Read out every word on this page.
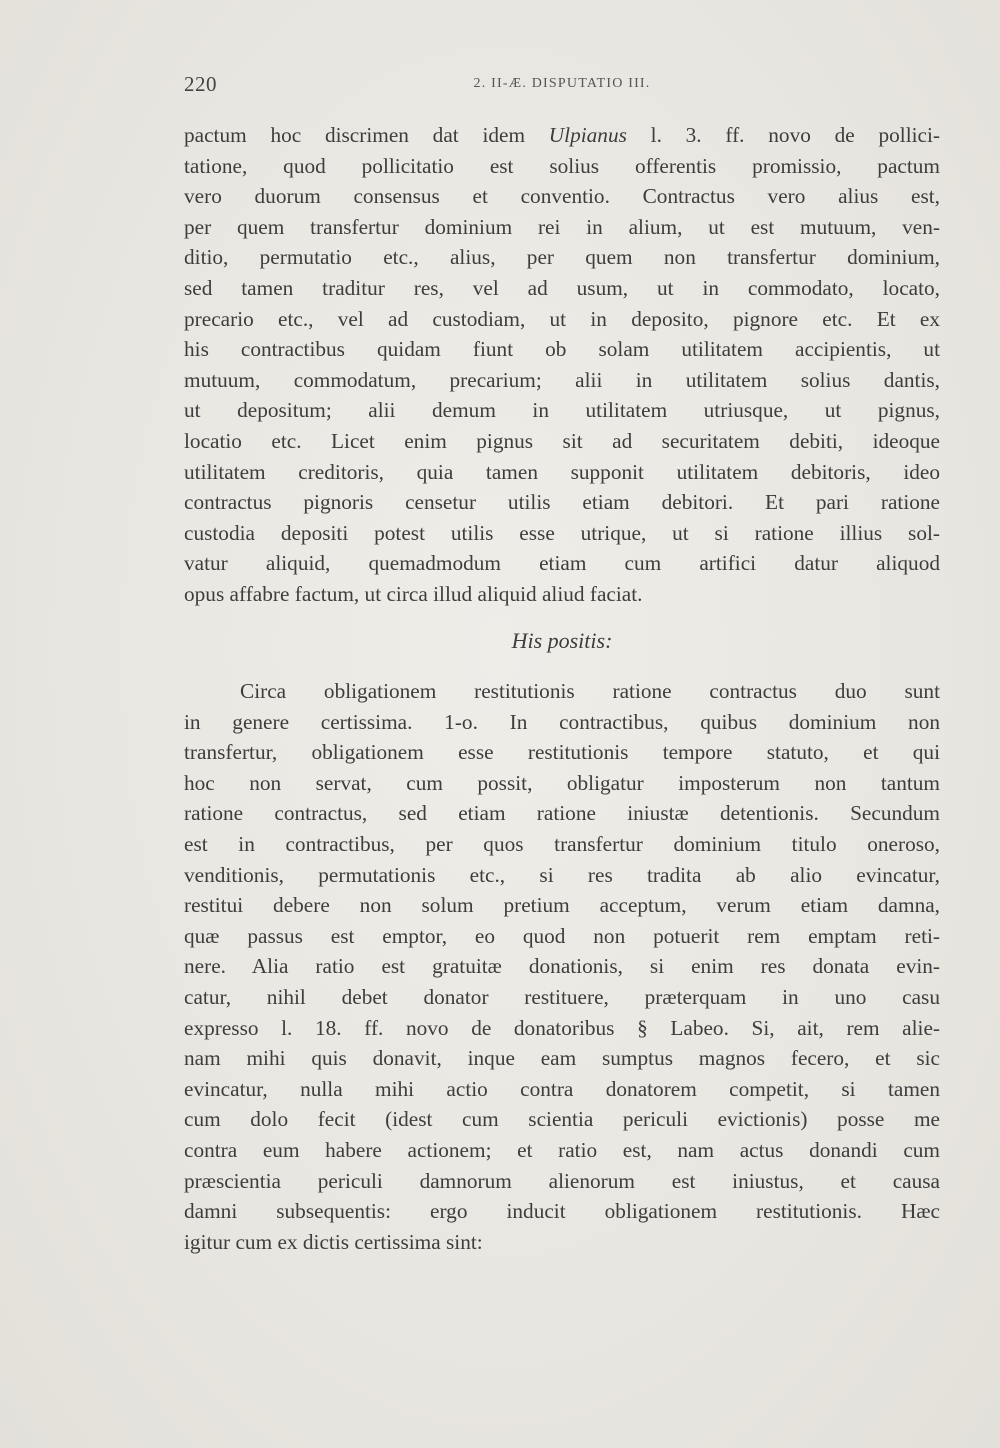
220	2. II-Æ. DISPUTATIO III.
pactum hoc discrimen dat idem Ulpianus l. 3. ff. novo de pollici-
tatione, quod pollicitatio est solius offerentis promissio, pactum
vero duorum consensus et conventio. Contractus vero alius est,
per quem transfertur dominium rei in alium, ut est mutuum, ven-
ditio, permutatio etc., alius, per quem non transfertur dominium,
sed tamen traditur res, vel ad usum, ut in commodato, locato,
precario etc., vel ad custodiam, ut in deposito, pignore etc. Et ex
his contractibus quidam fiunt ob solam utilitatem accipientis, ut
mutuum, commodatum, precarium; alii in utilitatem solius dantis,
ut depositum; alii demum in utilitatem utriusque, ut pignus,
locatio etc. Licet enim pignus sit ad securitatem debiti, ideoque
utilitatem creditoris, quia tamen supponit utilitatem debitoris, ideo
contractus pignoris censetur utilis etiam debitori. Et pari ratione
custodia depositi potest utilis esse utrique, ut si ratione illius sol-
vatur aliquid, quemadmodum etiam cum artifici datur aliquod
opus affabre factum, ut circa illud aliquid aliud faciat.
His positis:
Circa obligationem restitutionis ratione contractus duo sunt
in genere certissima. 1-o. In contractibus, quibus dominium non
transfertur, obligationem esse restitutionis tempore statuto, et qui
hoc non servat, cum possit, obligatur imposterum non tantum
ratione contractus, sed etiam ratione iniustæ detentionis. Secundum
est in contractibus, per quos transfertur dominium titulo oneroso,
venditionis, permutationis etc., si res tradita ab alio evincatur,
restitui debere non solum pretium acceptum, verum etiam damna,
quæ passus est emptor, eo quod non potuerit rem emptam reti-
nere. Alia ratio est gratuitæ donationis, si enim res donata evin-
catur, nihil debet donator restituere, præterquam in uno casu
expresso l. 18. ff. novo de donatoribus § Labeo. Si, ait, rem alie-
nam mihi quis donavit, inque eam sumptus magnos fecero, et sic
evincatur, nulla mihi actio contra donatorem competit, si tamen
cum dolo fecit (idest cum scientia periculi evictionis) posse me
contra eum habere actionem; et ratio est, nam actus donandi cum
præscientia periculi damnorum alienorum est iniustus, et causa
damni subsequentis: ergo inducit obligationem restitutionis. Hæc
igitur cum ex dictis certissima sint:
